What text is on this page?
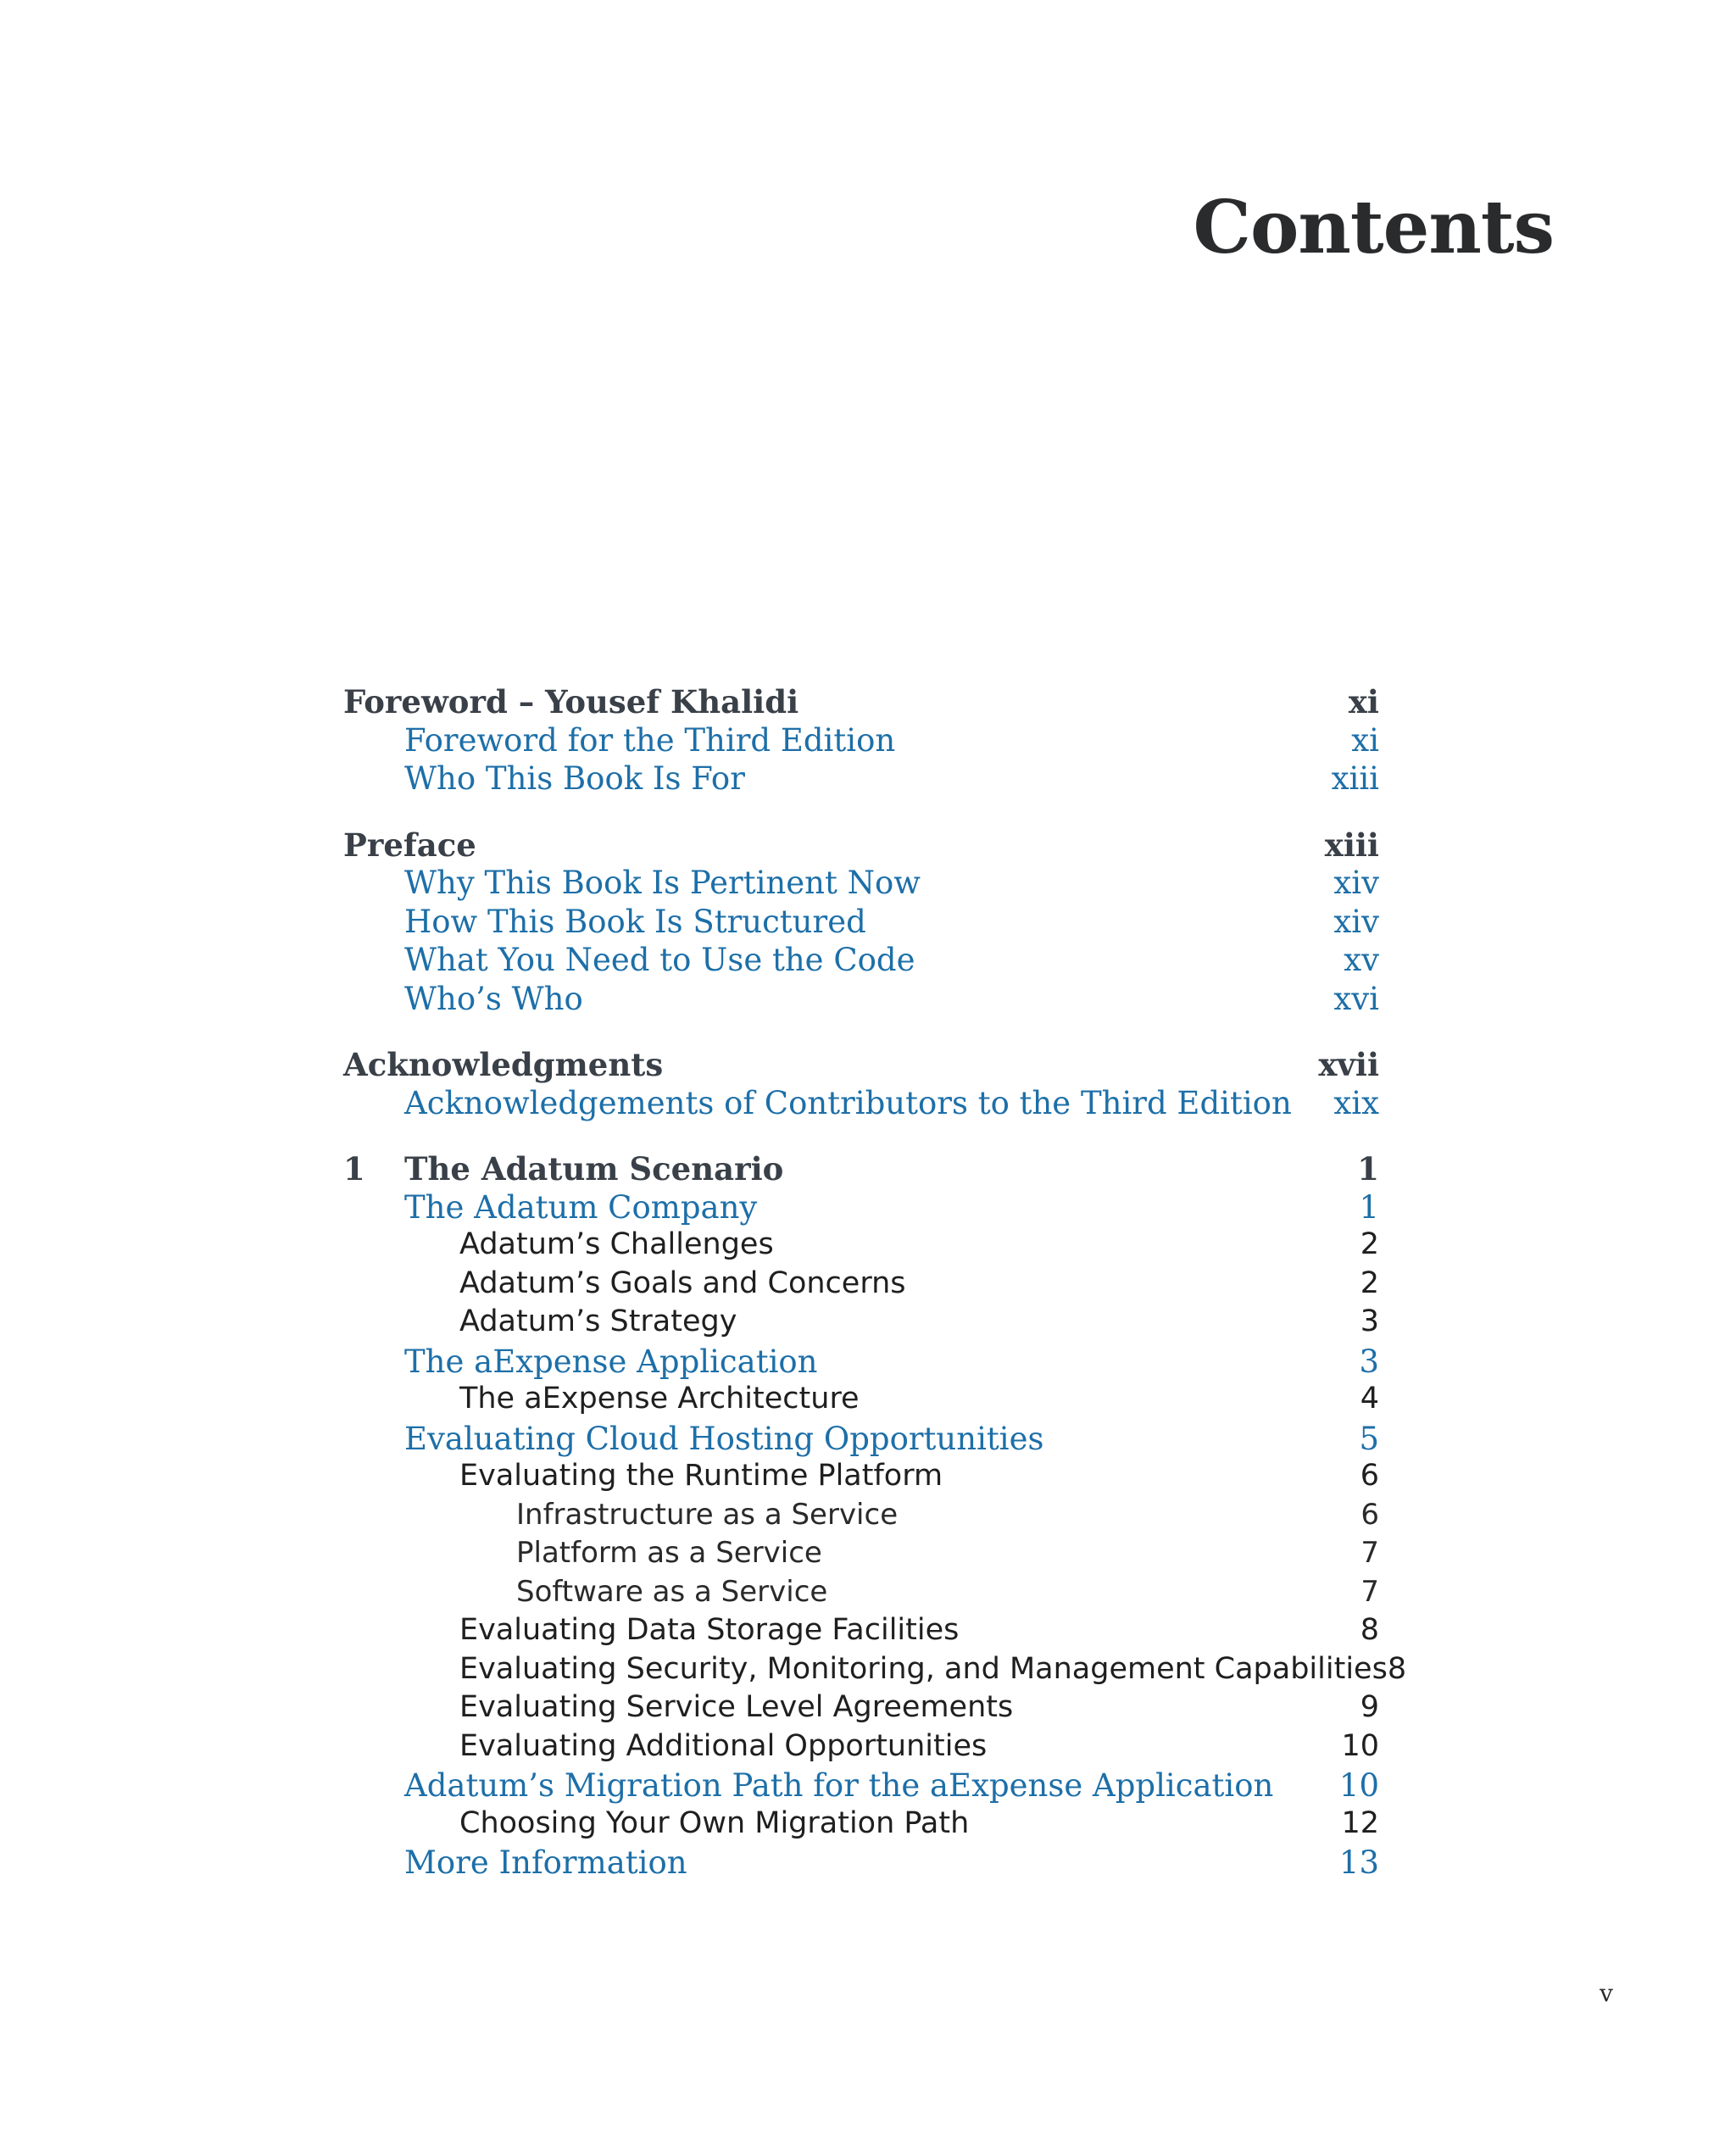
Contents
Foreword – Yousef Khalidi	xi
Foreword for the Third Edition	xi
Who This Book Is For	xiii
Preface	xiii
Why This Book Is Pertinent Now	xiv
How This Book Is Structured	xiv
What You Need to Use the Code	xv
Who’s Who	xvi
Acknowledgments	xvii
Acknowledgements of Contributors to the Third Edition xix
1	The Adatum Scenario	1
The Adatum Company	1
Adatum’s Challenges	2
Adatum’s Goals and Concerns	2
Adatum’s Strategy	3
The aExpense Application	3
The aExpense Architecture	4
Evaluating Cloud Hosting Opportunities	5
Evaluating the Runtime Platform	6
Infrastructure as a Service	6
Platform as a Service	7
Software as a Service	7
Evaluating Data Storage Facilities	8
Evaluating Security, Monitoring, and Management Capabilities 8
Evaluating Service Level Agreements	9
Evaluating Additional Opportunities	10
Adatum’s Migration Path for the aExpense Application 10
Choosing Your Own Migration Path	12
More Information	13
v
